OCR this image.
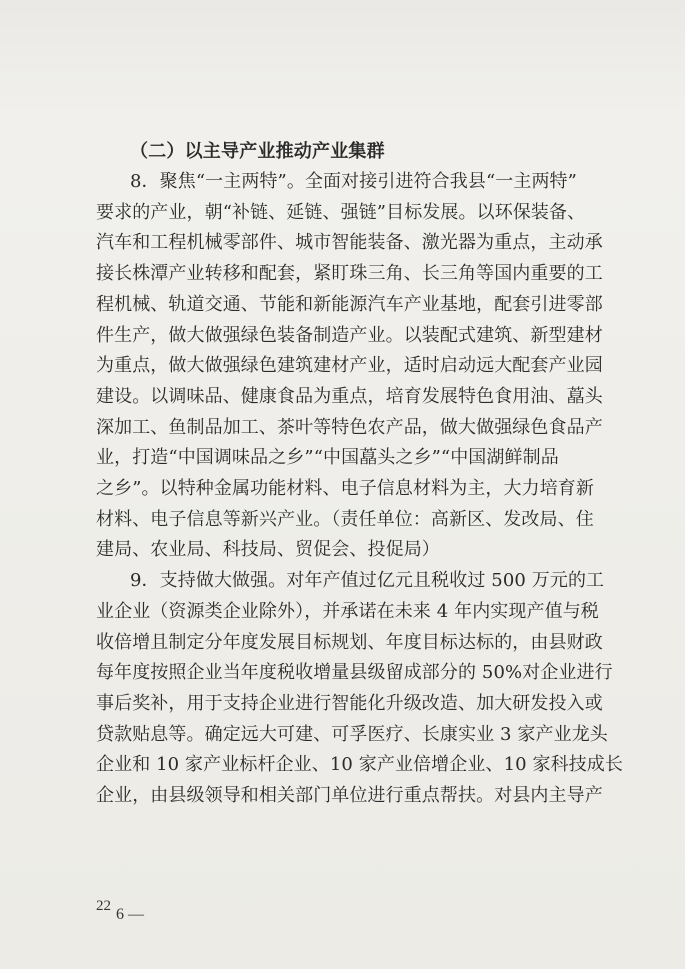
（二）以主导产业推动产业集群
8．聚焦“一主两特”。全面对接引进符合我县“一主两特”
要求的产业，朝“补链、延链、强链”目标发展。以环保装备、
汽车和工程机械零部件、城市智能装备、激光器为重点，主动承
接长株潭产业转移和配套，紧盯珠三角、长三角等国内重要的工
程机械、轨道交通、节能和新能源汽车产业基地，配套引进零部
件生产，做大做强绿色装备制造产业。以装配式建筑、新型建材
为重点，做大做强绿色建筑建材产业，适时启动远大配套产业园
建设。以调味品、健康食品为重点，培育发展特色食用油、藠头
深加工、鱼制品加工、茶叶等特色农产品，做大做强绿色食品产
业，打造“中国调味品之乡”“中国藠头之乡”“中国湖鲜制品
之乡”。以特种金属功能材料、电子信息材料为主，大力培育新
材料、电子信息等新兴产业。（责任单位：高新区、发改局、住
建局、农业局、科技局、贸促会、投促局）
9．支持做大做强。对年产值过亿元且税收过 500 万元的工
业企业（资源类企业除外），并承诺在未来 4 年内实现产值与税
收倍增且制定分年度发展目标规划、年度目标达标的，由县财政
每年度按照企业当年度税收增量县级留成部分的 50%对企业进行
事后奖补，用于支持企业进行智能化升级改造、加大研发投入或
贷款贴息等。确定远大可建、可孚医疗、长康实业 3 家产业龙头
企业和 10 家产业标杆企业、10 家产业倍增企业、10 家科技成长
企业，由县级领导和相关部门单位进行重点帮扶。对县内主导产
22 6 —
